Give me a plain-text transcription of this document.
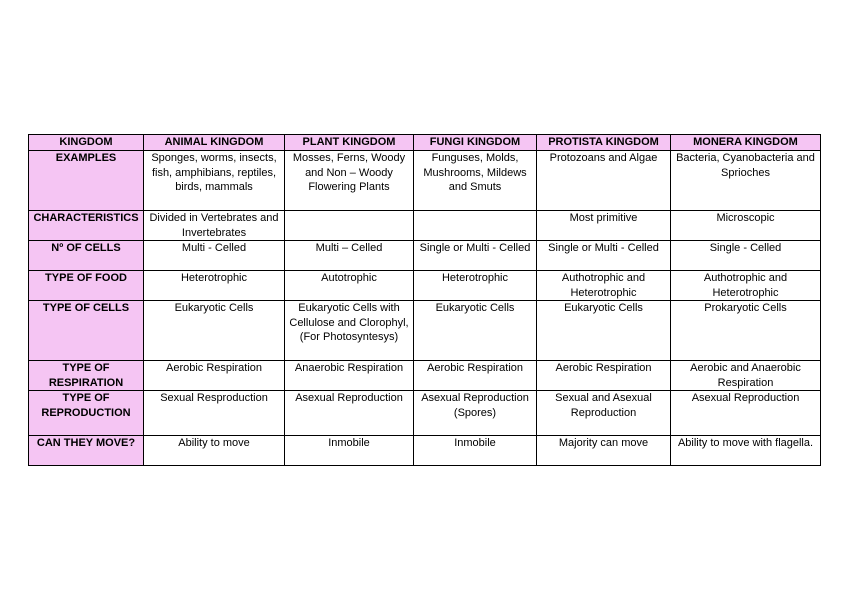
KINGDOM	ANIMAL KINGDOM	PLANT KINGDOM	FUNGI KINGDOM	PROTISTA KINGDOM	MONERA KINGDOM
EXAMPLES	Sponges, worms, insects, fish, amphibians, reptiles, birds, mammals	Mosses, Ferns, Woody and Non – Woody Flowering Plants	Funguses, Molds, Mushrooms, Mildews and Smuts	Protozoans and Algae	Bacteria, Cyanobacteria and Sprioches
CHARACTERISTICS	Divided in Vertebrates and Invertebrates			Most primitive	Microscopic
Nº OF CELLS	Multi - Celled	Multi – Celled	Single or Multi - Celled	Single or Multi - Celled	Single - Celled
TYPE OF FOOD	Heterotrophic	Autotrophic	Heterotrophic	Authotrophic and Heterotrophic	Authotrophic and Heterotrophic
TYPE OF CELLS	Eukaryotic Cells	Eukaryotic Cells with Cellulose and Clorophyl, (For Photosyntesys)	Eukaryotic Cells	Eukaryotic Cells	Prokaryotic Cells
TYPE OF RESPIRATION	Aerobic Respiration	Anaerobic Respiration	Aerobic Respiration	Aerobic Respiration	Aerobic and Anaerobic Respiration
TYPE OF REPRODUCTION	Sexual Resproduction	Asexual Reproduction	Asexual Reproduction (Spores)	Sexual and Asexual Reproduction	Asexual Reproduction
CAN THEY MOVE?	Ability to move	Inmobile	Inmobile	Majority can move	Ability to move with flagella.
